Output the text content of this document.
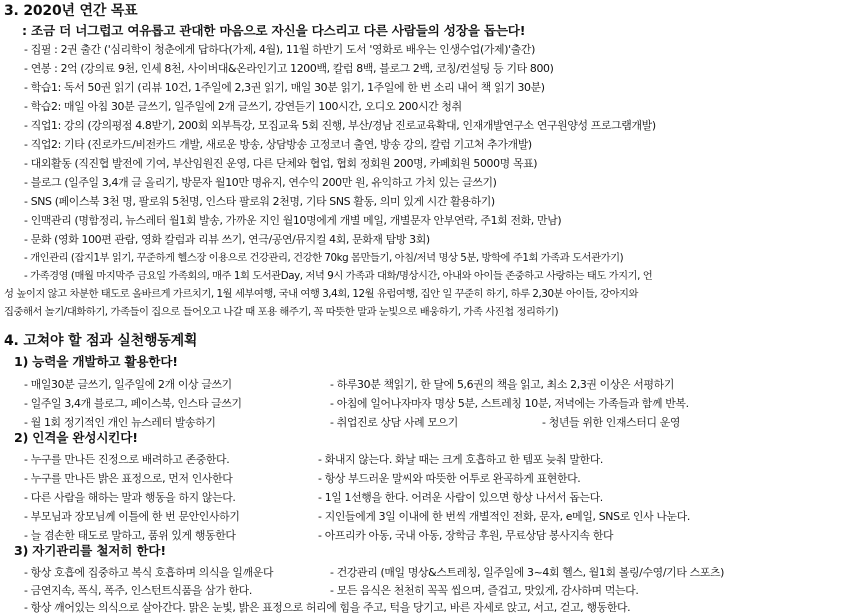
3. 2020년 연간 목표
: 조금 더 너그럽고 여유롭고 관대한 마음으로 자신을 다스리고 다른 사람들의 성장을 돕는다!
- 집필 : 2권 출간 ('심리학이 청춘에게 답하다(가제, 4월), 11월 하반기 도서 '영화로 배우는 인생수업(가제)'출간)
- 연봉 : 2억 (강의료 9천, 인세 8천, 사이버대&온라인기고 1200백, 칼럼 8백, 블로그 2백, 코칭/컨설팅 등 기타 800)
- 학습1: 독서 50권 읽기 (리뷰 10건, 1주일에 2,3권 읽기, 매일 30분 읽기, 1주일에 한 번 소리 내어 책 읽기 30분)
- 학습2: 매일 아침 30분 글쓰기, 일주일에 2개 글쓰기, 강연듣기 100시간, 오디오 200시간 청취
- 직업1: 강의 (강의평점 4.8받기, 200회 외부특강, 모집교육 5회 진행, 부산/경남 진로교육확대, 인재개발연구소 연구원양성 프로그램개발)
- 직업2: 기타 (진로카드/비전카드 개발, 새로운 방송, 상담방송 고정코너 출연, 방송 강의, 칼럼 기고처 추가개발)
- 대외활동 (직진협 발전에 기여, 부산임원진 운영, 다른 단체와 협업, 협회 정회원 200명, 카페회원 5000명 목표)
- 블로그 (일주일 3,4개 글 올리기, 방문자 월10만 명유지, 연수익 200만 원, 유익하고 가치 있는 글쓰기)
- SNS (페이스북 3천 명, 팔로워 5천명, 인스타 팔로워 2천명, 기타 SNS 활동, 의미 있게 시간 활용하기)
- 인맥관리 (명함정리, 뉴스레터 월1회 발송, 가까운 지인 월10명에게 개별 메일, 개별문자 안부연락, 주1회 전화, 만남)
- 문화 (영화 100편 관람, 영화 칼럼과 리뷰 쓰기, 연극/공연/뮤지컬 4회, 문화재 탐방 3회)
- 개인관리 (잡지1부 읽기, 꾸준하게 헬스장 이용으로 건강관리, 건강한 70kg 몸만들기, 아침/저녁 명상 5분, 방학에 주1회 가족과 도서관가기)
- 가족경영 (매월 마지막주 금요일 가족회의, 매주 1회 도서관Day, 저녁 9시 가족과 대화/명상시간, 아내와 아이들 존중하고 사랑하는 태도 가지기, 언
성 높이지 않고 차분한 태도로 올바르게 가르치기, 1월 세부여행, 국내 여행 3,4회, 12월 유럽여행, 집안 일 꾸준히 하기, 하루 2,30분 아이들, 강아지와
집중해서 놀기/대화하기, 가족들이 집으로 들어오고 나갈 때 포용 해주기, 꼭 따뜻한 말과 눈빛으로 배웅하기, 가족 사진첩 정리하기)
4. 고쳐야 할 점과 실천행동계획
1) 능력을 개발하고 활용한다!
- 매일30분 글쓰기, 일주일에 2개 이상 글쓰기	- 하루30분 책읽기, 한 달에 5,6권의 책을 읽고, 최소 2,3권 이상은 서평하기
- 일주일 3,4개 블로그, 페이스북, 인스타 글쓰기	- 아침에 일어나자마자 명상 5분, 스트레칭 10분, 저녁에는 가족들과 함께 반복.
- 월 1회 정기적인 개인 뉴스레터 발송하기	- 취업진로 상담 사례 모으기	- 청년들 위한 인재스터디 운영
2) 인격을 완성시킨다!
- 누구를 만나든 진정으로 배려하고 존중한다.	- 화내지 않는다. 화날 때는 크게 호흡하고 한 템포 늦춰 말한다.
- 누구를 만나든 밝은 표정으로, 먼저 인사한다	- 항상 부드러운 말씨와 따뜻한 어투로 완곡하게 표현한다.
- 다른 사람을 해하는 말과 행동을 하지 않는다.	- 1일 1선행을 한다. 어려운 사람이 있으면 항상 나서서 돕는다.
- 부모님과 장모님께 이틀에 한 번 문안인사하기	- 지인들에게 3일 이내에 한 번씩 개별적인 전화, 문자, e메일, SNS로 인사 나눈다.
- 늘 겸손한 태도로 말하고, 품위 있게 행동한다	- 아프리카 아동, 국내 아동, 장학금 후원, 무료상담 봉사지속 한다
3) 자기관리를 철저히 한다!
- 항상 호흡에 집중하고 복식 호흡하며 의식을 일깨운다	- 건강관리 (매일 명상&스트레칭, 일주일에 3~4회 헬스, 월1회 볼링/수영/기타 스포츠)
- 금연지속, 폭식, 폭주, 인스턴트식품을 삼가 한다.	- 모든 음식은 천천히 꼭꼭 씹으며, 즐겁고, 맛있게, 감사하며 먹는다.
- 항상 깨어있는 의식으로 살아간다. 맑은 눈빛, 밝은 표정으로 허리에 힘을 주고, 턱을 당기고, 바른 자세로 앉고, 서고, 걷고, 행동한다.
